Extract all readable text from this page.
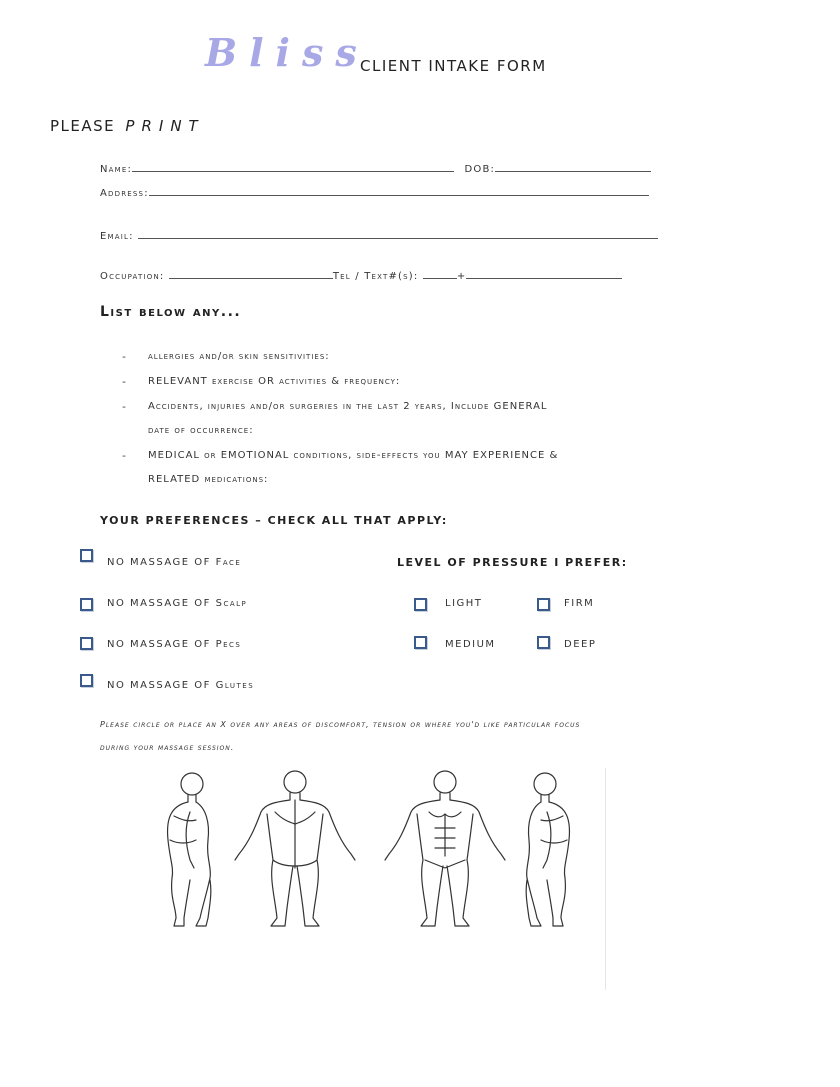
Bliss
CLIENT INTAKE FORM
PLEASE PRINT
Name:	DOB:
Address:
Email:
Occupation:	Tel / Text#(s):	+
List below any...
- allergies and/or skin sensitivities:
- RELEVANT exercise OR activities & frequency:
- Accidents, injuries and/or surgeries in the last 2 years, Include GENERAL
date of occurrence:
- MEDICAL or EMOTIONAL conditions, side-effects you MAY EXPERIENCE &
RELATED medications:
YOUR PREFERENCES – CHECK ALL THAT APPLY:
NO MASSAGE OF Face
NO MASSAGE OF Scalp
NO MASSAGE OF Pecs
NO MASSAGE OF Glutes
LEVEL OF PRESSURE I PREFER:
LIGHT	FIRM
MEDIUM	DEEP
Please circle or place an X over any areas of discomfort, tension or where you'd like particular focus
during your massage session.
